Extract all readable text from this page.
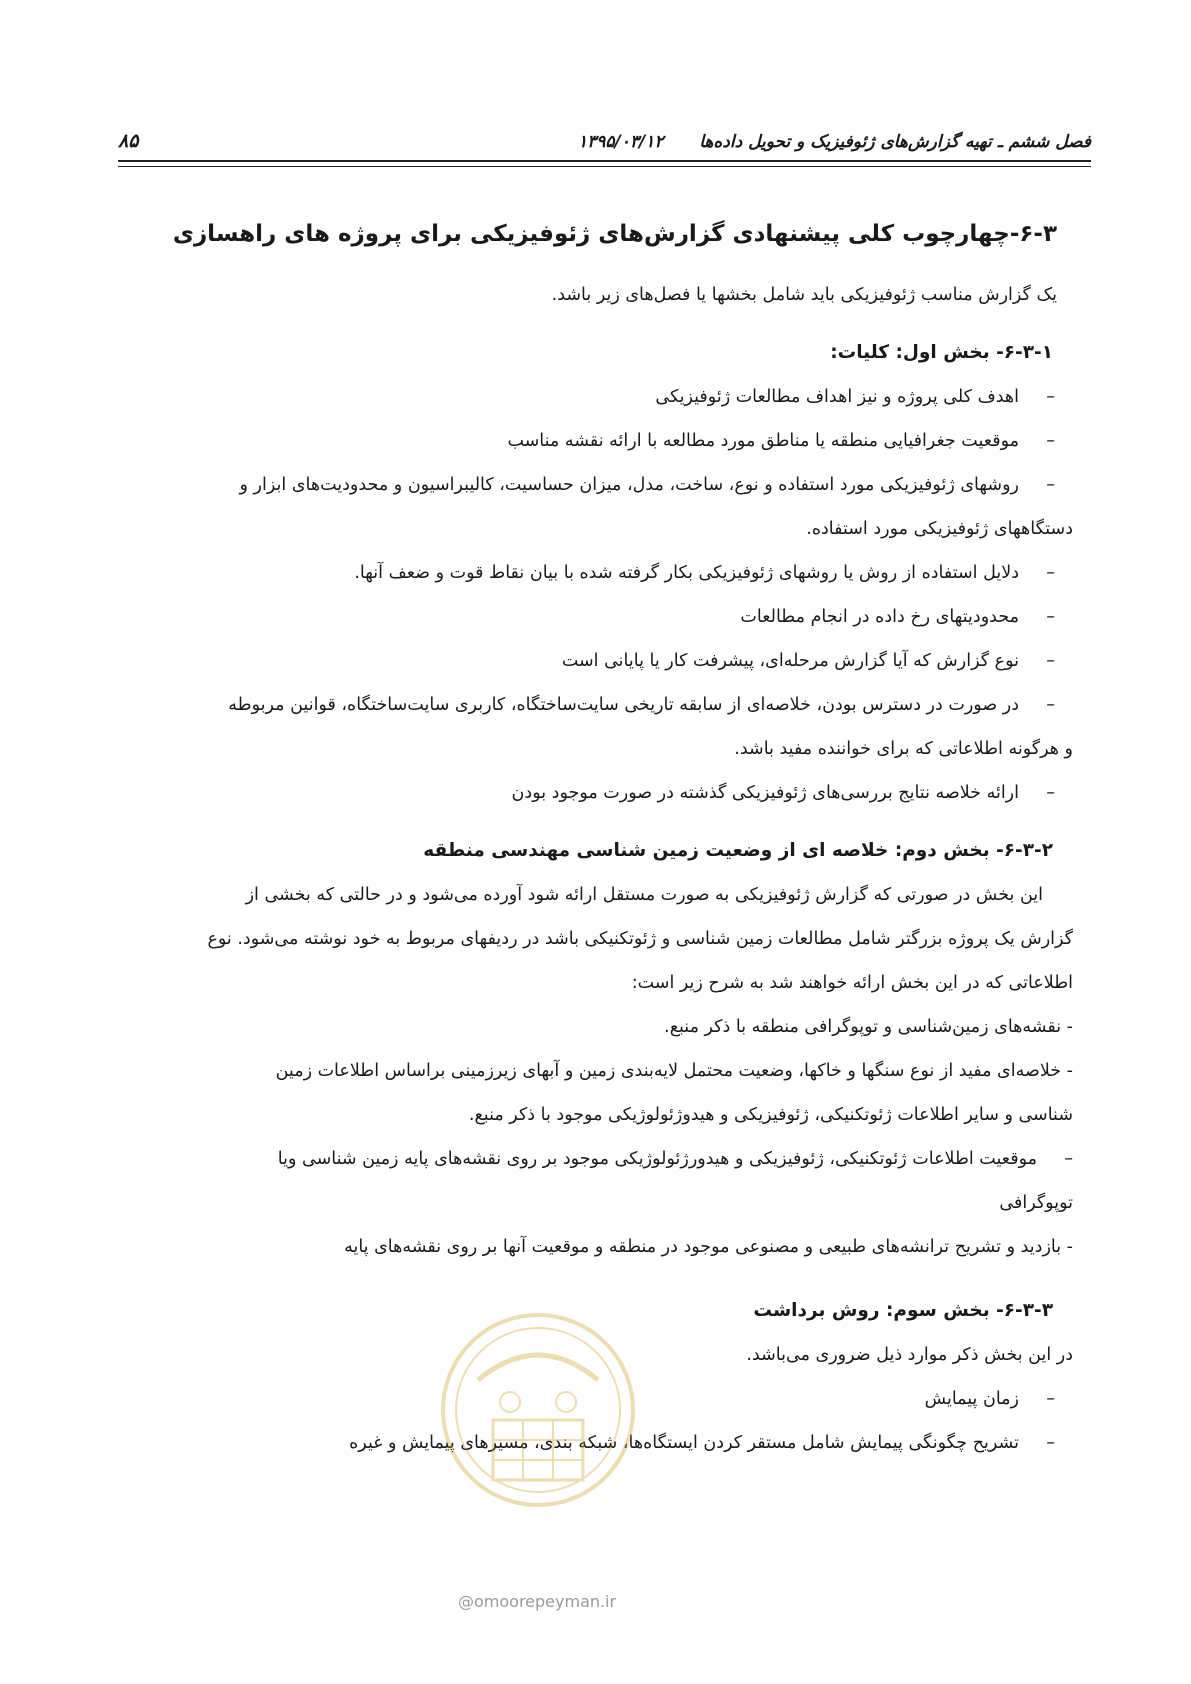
فصل ششم ـ تهیه گزارش‌های ژئوفیزیک و تحویل داده‌ها
۱۳۹۵/۰۳/۱۲
۸۵
۶-۳-چهارچوب کلی پیشنهادی گزارش‌های ژئوفیزیکی برای پروژه های راهسازی

یک گزارش مناسب ژئوفیزیکی باید شامل بخشها یا فصل‌های زیر باشد.

۶-۳-۱- بخش اول: کلیات:
–اهدف کلی پروژه و نیز اهداف مطالعات ژئوفیزیکی
–موقعیت جغرافیایی منطقه یا مناطق مورد مطالعه با ارائه نقشه مناسب
–روشهای ژئوفیزیکی مورد استفاده و نوع، ساخت، مدل، میزان حساسیت، کالیبراسیون و محدودیت‌های ابزار و
دستگاههای ژئوفیزیکی مورد استفاده.
–دلایل استفاده از روش یا روشهای ژئوفیزیکی بکار گرفته شده با بیان نقاط قوت و ضعف آنها.
–محدودیتهای رخ داده در انجام مطالعات
–نوع گزارش که آیا گزارش مرحله‌ای، پیشرفت کار یا پایانی است
–در صورت در دسترس بودن، خلاصه‌ای از سابقه تاریخی سایت‌ساختگاه، کاربری سایت‌ساختگاه، قوانین مربوطه
و هرگونه اطلاعاتی که برای خواننده مفید باشد.
–ارائه خلاصه نتایج بررسی‌های ژئوفیزیکی گذشته در صورت موجود بودن
۶-۳-۲- بخش دوم: خلاصه ای از وضعیت زمین شناسی مهندسی منطقه
این بخش در صورتی که گزارش ژئوفیزیکی به صورت مستقل ارائه شود آورده می‌شود و در حالتی که بخشی از
گزارش یک پروژه بزرگتر شامل مطالعات زمین شناسی و ژئوتکنیکی باشد در ردیفهای مربوط به خود نوشته می‌شود. نوع
اطلاعاتی که در این بخش ارائه خواهند شد به شرح زیر است:
- نقشه‌های زمین‌شناسی و توپوگرافی منطقه با ذکر منبع.
- خلاصه‌ای مفید از نوع سنگها و خاکها، وضعیت محتمل لایه‌بندی زمین و آبهای زیرزمینی براساس اطلاعات زمین
شناسی و سایر اطلاعات ژئوتکنیکی، ژئوفیزیکی و هیدوژئولوژیکی موجود با ذکر منبع.
–موقعیت اطلاعات ژئوتکنیکی، ژئوفیزیکی و هیدورژئولوژیکی موجود بر روی نقشه‌های پایه زمین شناسی ویا
توپوگرافی
- بازدید و تشریح ترانشه‌های طبیعی و مصنوعی موجود در منطقه و موقعیت آنها بر روی نقشه‌های پایه
۶-۳-۳- بخش سوم: روش برداشت
در این بخش ذکر موارد ذیل ضروری می‌باشد.
–زمان پیمایش
–تشریح چگونگی پیمایش شامل مستقر کردن ایستگاه‌ها، شبکه بندی، مسیرهای پیمایش و غیره
@omoorepeyman.ir
